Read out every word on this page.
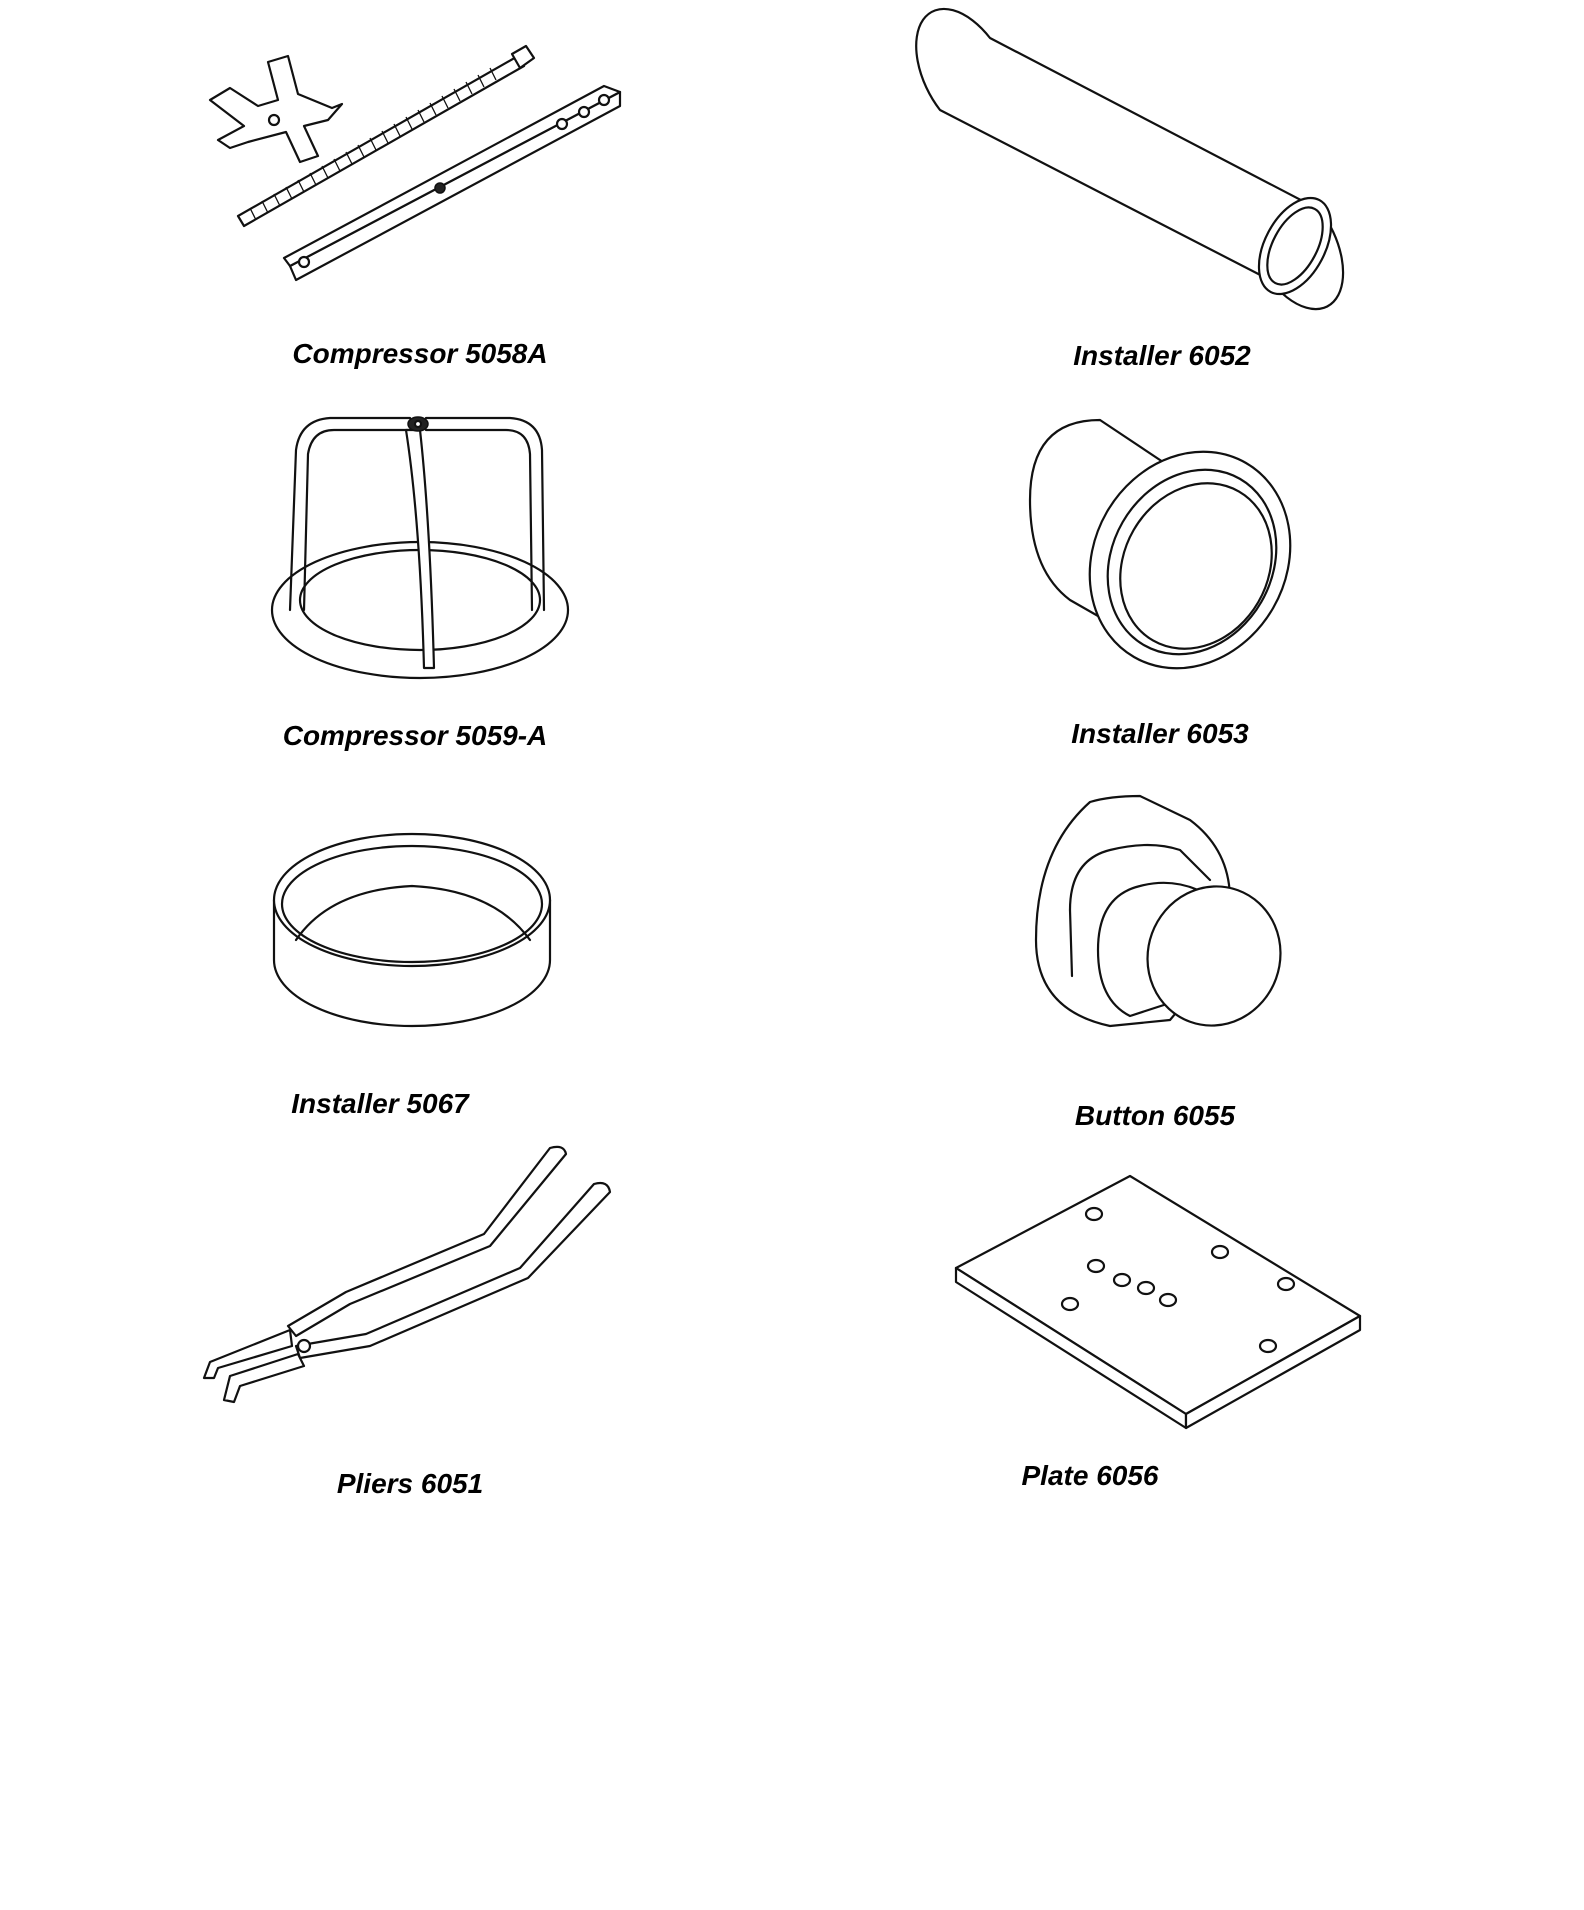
Compressor 5058A	Installer 6052
Compressor 5059-A	Installer 6053
Installer 5067	Button 6055
Pliers 6051	Plate 6056
